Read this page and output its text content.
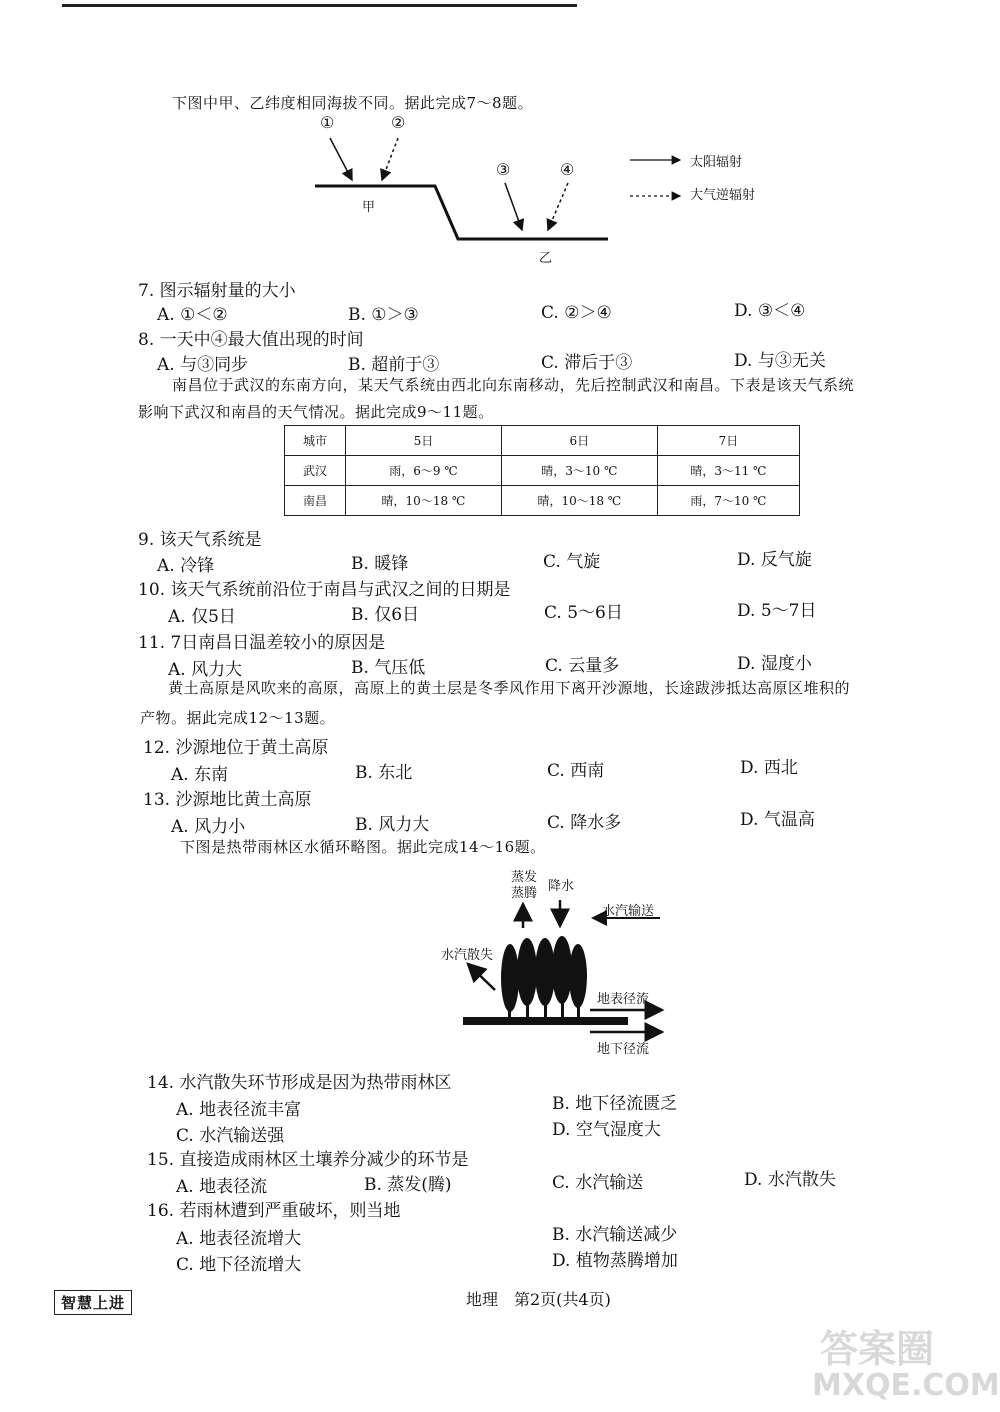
下图中甲、乙纬度相同海拔不同。据此完成7～8题。
①	②
③	④
甲
乙
太阳辐射
大气逆辐射
7. 图示辐射量的大小
A. ①＜②	B. ①＞③	C. ②＞④	D. ③＜④
8. 一天中④最大值出现的时间
A. 与③同步	B. 超前于③	C. 滞后于③	D. 与③无关
南昌位于武汉的东南方向，某天气系统由西北向东南移动，先后控制武汉和南昌。下表是该天气系统
影响下武汉和南昌的天气情况。据此完成9～11题。
城市	5日	6日	7日
武汉	雨，6～9 ℃	晴，3～10 ℃	晴，3～11 ℃
南昌	晴，10～18 ℃	晴，10～18 ℃	雨，7～10 ℃
9. 该天气系统是
A. 冷锋	B. 暖锋	C. 气旋	D. 反气旋
10. 该天气系统前沿位于南昌与武汉之间的日期是
A. 仅5日	B. 仅6日	C. 5～6日	D. 5～7日
11. 7日南昌日温差较小的原因是
A. 风力大	B. 气压低	C. 云量多	D. 湿度小
黄土高原是风吹来的高原，高原上的黄土层是冬季风作用下离开沙源地，长途跋涉抵达高原区堆积的
产物。据此完成12～13题。
12. 沙源地位于黄土高原
A. 东南	B. 东北	C. 西南	D. 西北
13. 沙源地比黄土高原
A. 风力小	B. 风力大	C. 降水多	D. 气温高
下图是热带雨林区水循环略图。据此完成14～16题。
蒸发
蒸腾 降水
水汽输送
水汽散失
地表径流
地下径流
14. 水汽散失环节形成是因为热带雨林区
A. 地表径流丰富	B. 地下径流匮乏
C. 水汽输送强	D. 空气湿度大
15. 直接造成雨林区土壤养分减少的环节是
A. 地表径流	B. 蒸发(腾)	C. 水汽输送	D. 水汽散失
16. 若雨林遭到严重破坏，则当地
A. 地表径流增大	B. 水汽输送减少
C. 地下径流增大	D. 植物蒸腾增加
智慧上进	地理　第2页(共4页)
答案圈
MXQE.COM
